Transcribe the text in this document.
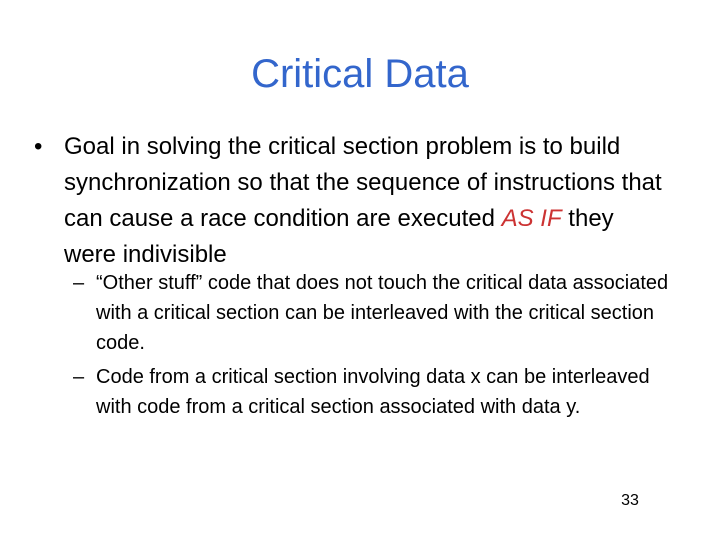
Critical Data
• Goal in solving the critical section problem is to build synchronization so that the sequence of instructions that can cause a race condition are executed AS IF they were indivisible
– “Other stuff” code that does not touch the critical data associated with a critical section can be interleaved with the critical section code.
– Code from a critical section involving data x can be interleaved with code from a critical section associated with data y.
33
